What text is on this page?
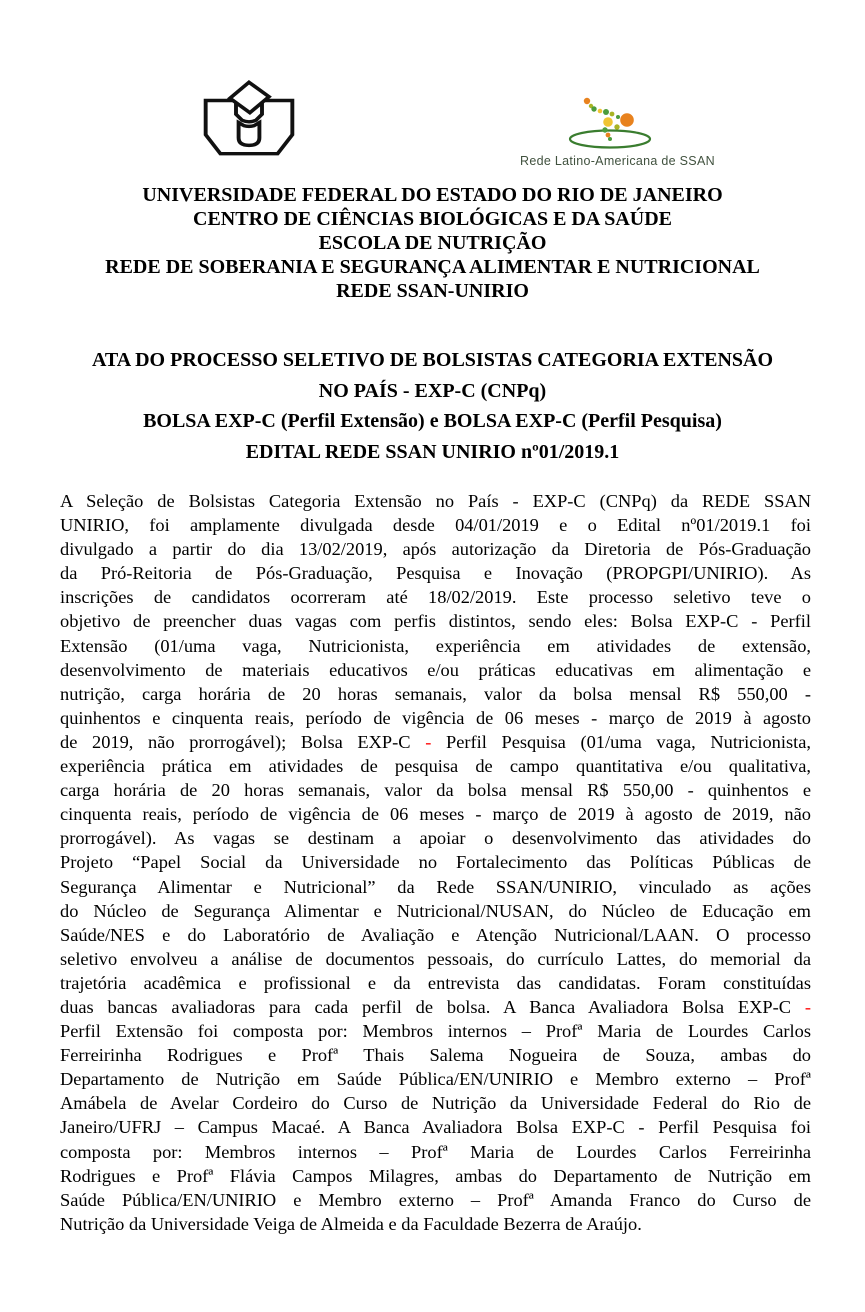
Rede Latino-Americana de SSAN
UNIVERSIDADE FEDERAL DO ESTADO DO RIO DE JANEIRO
CENTRO DE CIÊNCIAS BIOLÓGICAS E DA SAÚDE
ESCOLA DE NUTRIÇÃO
REDE DE SOBERANIA E SEGURANÇA ALIMENTAR E NUTRICIONAL
REDE SSAN-UNIRIO
ATA DO PROCESSO SELETIVO DE BOLSISTAS CATEGORIA EXTENSÃO
NO PAÍS - EXP-C (CNPq)
BOLSA EXP-C (Perfil Extensão) e BOLSA EXP-C (Perfil Pesquisa)
EDITAL REDE SSAN UNIRIO nº01/2019.1
A Seleção de Bolsistas Categoria Extensão no País - EXP-C (CNPq) da REDE SSAN
UNIRIO, foi amplamente divulgada desde 04/01/2019 e o Edital nº01/2019.1 foi
divulgado a partir do dia 13/02/2019, após autorização da Diretoria de Pós-Graduação
da Pró-Reitoria de Pós-Graduação, Pesquisa e Inovação (PROPGPI/UNIRIO). As
inscrições de candidatos ocorreram até 18/02/2019. Este processo seletivo teve o
objetivo de preencher duas vagas com perfis distintos, sendo eles: Bolsa EXP-C - Perfil
Extensão (01/uma vaga, Nutricionista, experiência em atividades de extensão,
desenvolvimento de materiais educativos e/ou práticas educativas em alimentação e
nutrição, carga horária de 20 horas semanais, valor da bolsa mensal R$ 550,00 -
quinhentos e cinquenta reais, período de vigência de 06 meses - março de 2019 à agosto
de 2019, não prorrogável); Bolsa EXP-C - Perfil Pesquisa (01/uma vaga, Nutricionista,
experiência prática em atividades de pesquisa de campo quantitativa e/ou qualitativa,
carga horária de 20 horas semanais, valor da bolsa mensal R$ 550,00 - quinhentos e
cinquenta reais, período de vigência de 06 meses - março de 2019 à agosto de 2019, não
prorrogável). As vagas se destinam a apoiar o desenvolvimento das atividades do
Projeto “Papel Social da Universidade no Fortalecimento das Políticas Públicas de
Segurança Alimentar e Nutricional” da Rede SSAN/UNIRIO, vinculado as ações
do Núcleo de Segurança Alimentar e Nutricional/NUSAN, do Núcleo de Educação em
Saúde/NES e do Laboratório de Avaliação e Atenção Nutricional/LAAN. O processo
seletivo envolveu a análise de documentos pessoais, do currículo Lattes, do memorial da
trajetória acadêmica e profissional e da entrevista das candidatas. Foram constituídas
duas bancas avaliadoras para cada perfil de bolsa. A Banca Avaliadora Bolsa EXP-C -
Perfil Extensão foi composta por: Membros internos – Profª Maria de Lourdes Carlos
Ferreirinha Rodrigues e Profª Thais Salema Nogueira de Souza, ambas do
Departamento de Nutrição em Saúde Pública/EN/UNIRIO e Membro externo – Profª
Amábela de Avelar Cordeiro do Curso de Nutrição da Universidade Federal do Rio de
Janeiro/UFRJ – Campus Macaé. A Banca Avaliadora Bolsa EXP-C - Perfil Pesquisa foi
composta por: Membros internos – Profª Maria de Lourdes Carlos Ferreirinha
Rodrigues e Profª Flávia Campos Milagres, ambas do Departamento de Nutrição em
Saúde Pública/EN/UNIRIO e Membro externo – Profª Amanda Franco do Curso de
Nutrição da Universidade Veiga de Almeida e da Faculdade Bezerra de Araújo.
